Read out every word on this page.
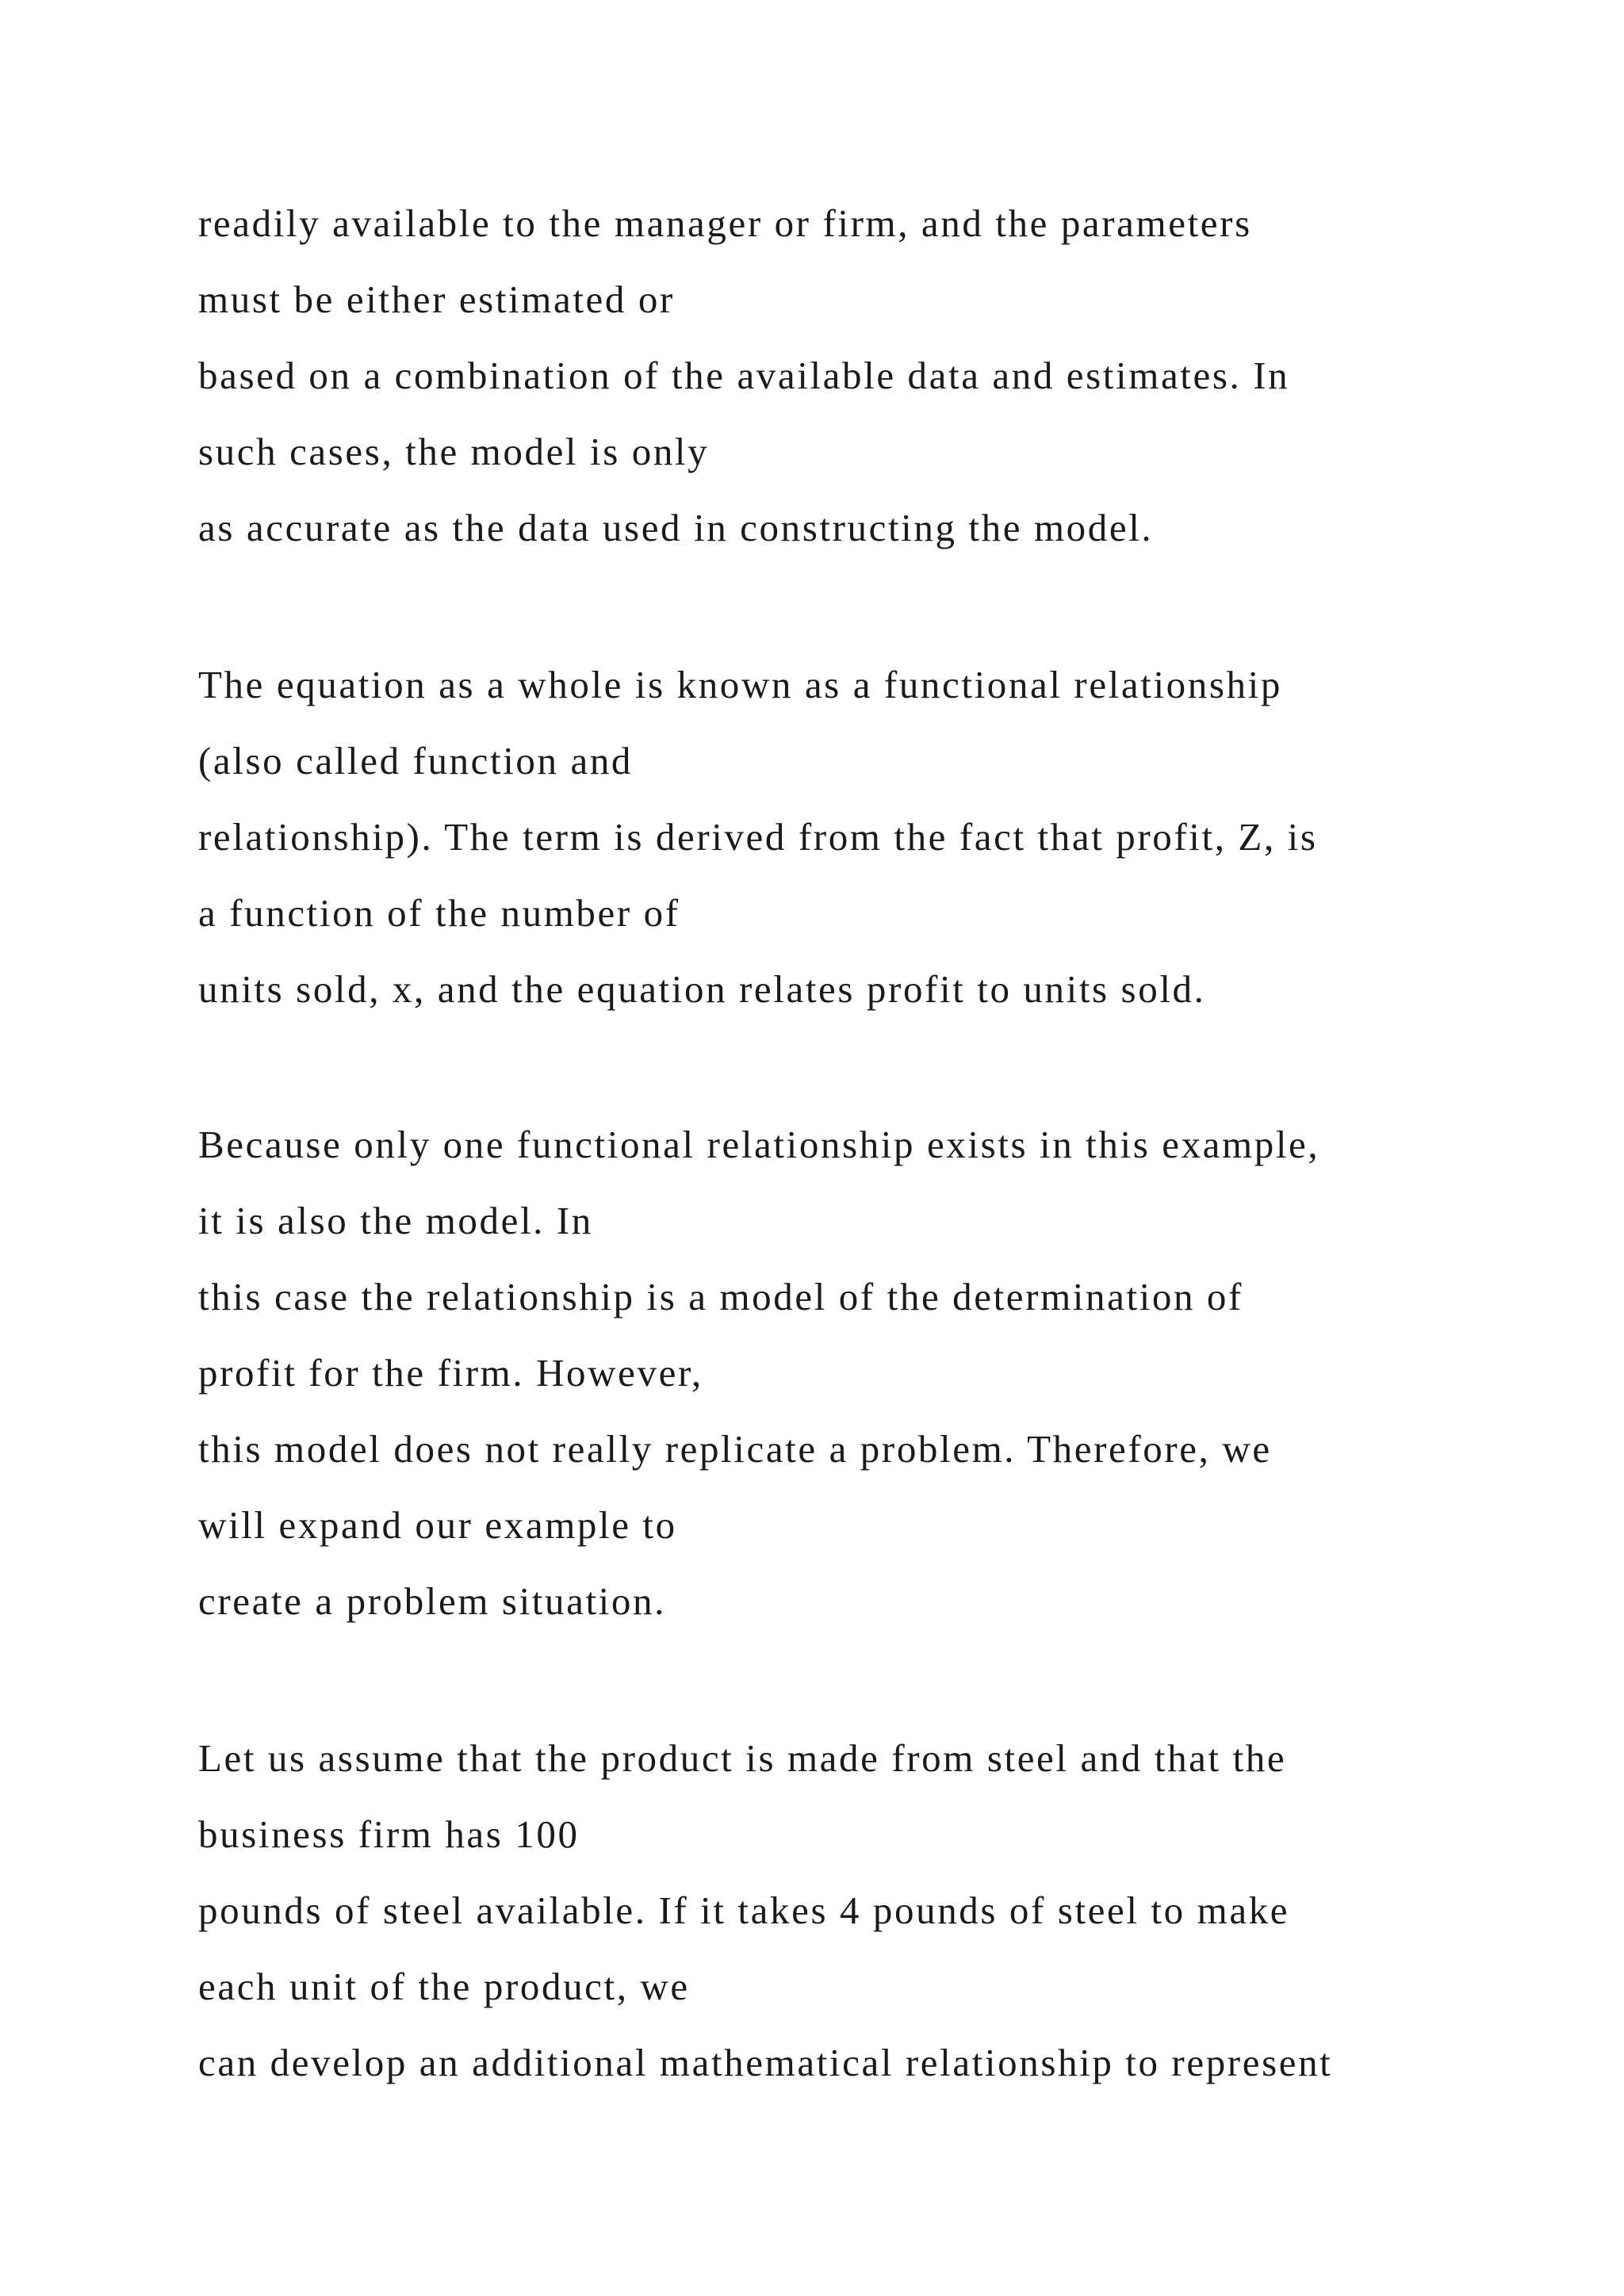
readily available to the manager or firm, and the parameters
must be either estimated or
based on a combination of the available data and estimates. In
such cases, the model is only
as accurate as the data used in constructing the model.
The equation as a whole is known as a functional relationship
(also called function and
relationship). The term is derived from the fact that profit, Z, is
a function of the number of
units sold, x, and the equation relates profit to units sold.
Because only one functional relationship exists in this example,
it is also the model. In
this case the relationship is a model of the determination of
profit for the firm. However,
this model does not really replicate a problem. Therefore, we
will expand our example to
create a problem situation.
Let us assume that the product is made from steel and that the
business firm has 100
pounds of steel available. If it takes 4 pounds of steel to make
each unit of the product, we
can develop an additional mathematical relationship to represent
